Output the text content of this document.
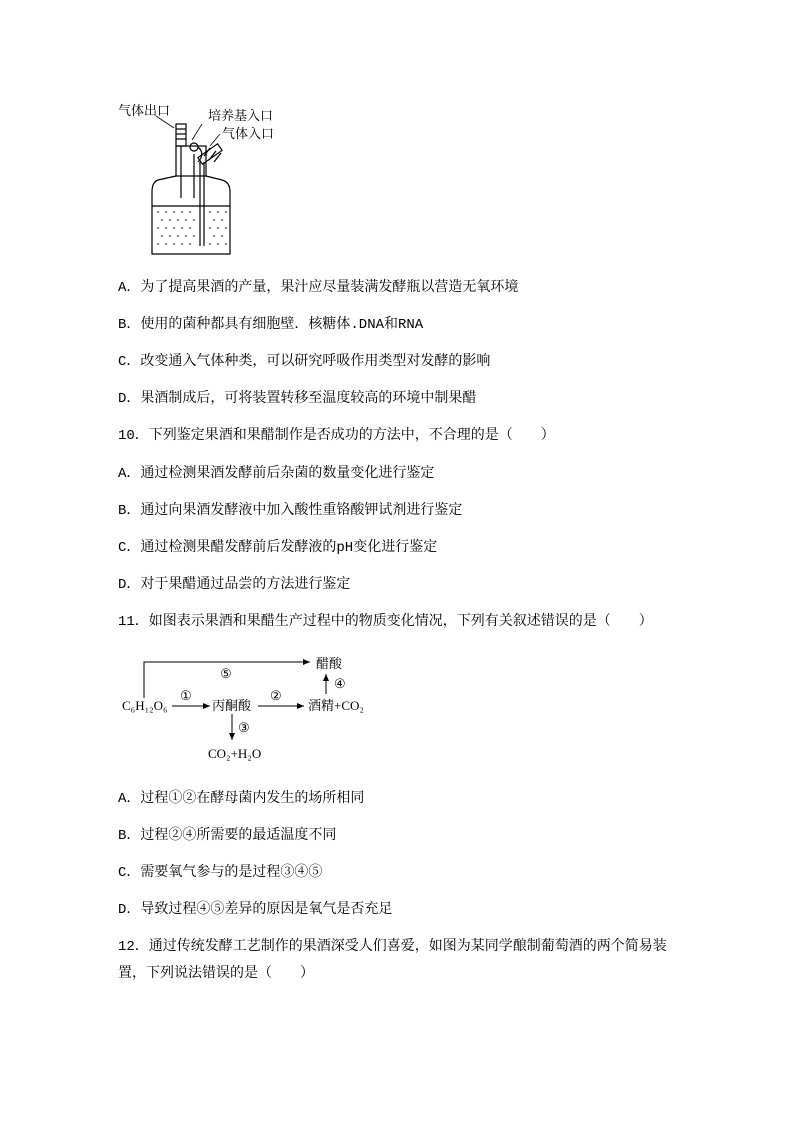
气体出口	培养基入口
气体入口

A．为了提高果酒的产量，果汁应尽量装满发酵瓶以营造无氧环境

B．使用的菌种都具有细胞壁．核糖体.DNA和RNA

C．改变通入气体种类，可以研究呼吸作用类型对发酵的影响

D．果酒制成后，可将装置转移至温度较高的环境中制果醋

10．下列鉴定果酒和果醋制作是否成功的方法中，不合理的是（　　）

A．通过检测果酒发酵前后杂菌的数量变化进行鉴定

B．通过向果酒发酵液中加入酸性重铬酸钾试剂进行鉴定

C．通过检测果醋发酵前后发酵液的pH变化进行鉴定

D．对于果醋通过品尝的方法进行鉴定

11．如图表示果酒和果醋生产过程中的物质变化情况，下列有关叙述错误的是（　　）

C₆H₁₂O₆	丙酮酸	酒精+CO₂
醋酸
CO₂+H₂O
①	②
③
④
⑤

A．过程①②在酵母菌内发生的场所相同

B．过程②④所需要的最适温度不同

C．需要氧气参与的是过程③④⑤

D．导致过程④⑤差异的原因是氧气是否充足

12．通过传统发酵工艺制作的果酒深受人们喜爱，如图为某同学酿制葡萄酒的两个简易装置，下列说法错误的是（　　）
